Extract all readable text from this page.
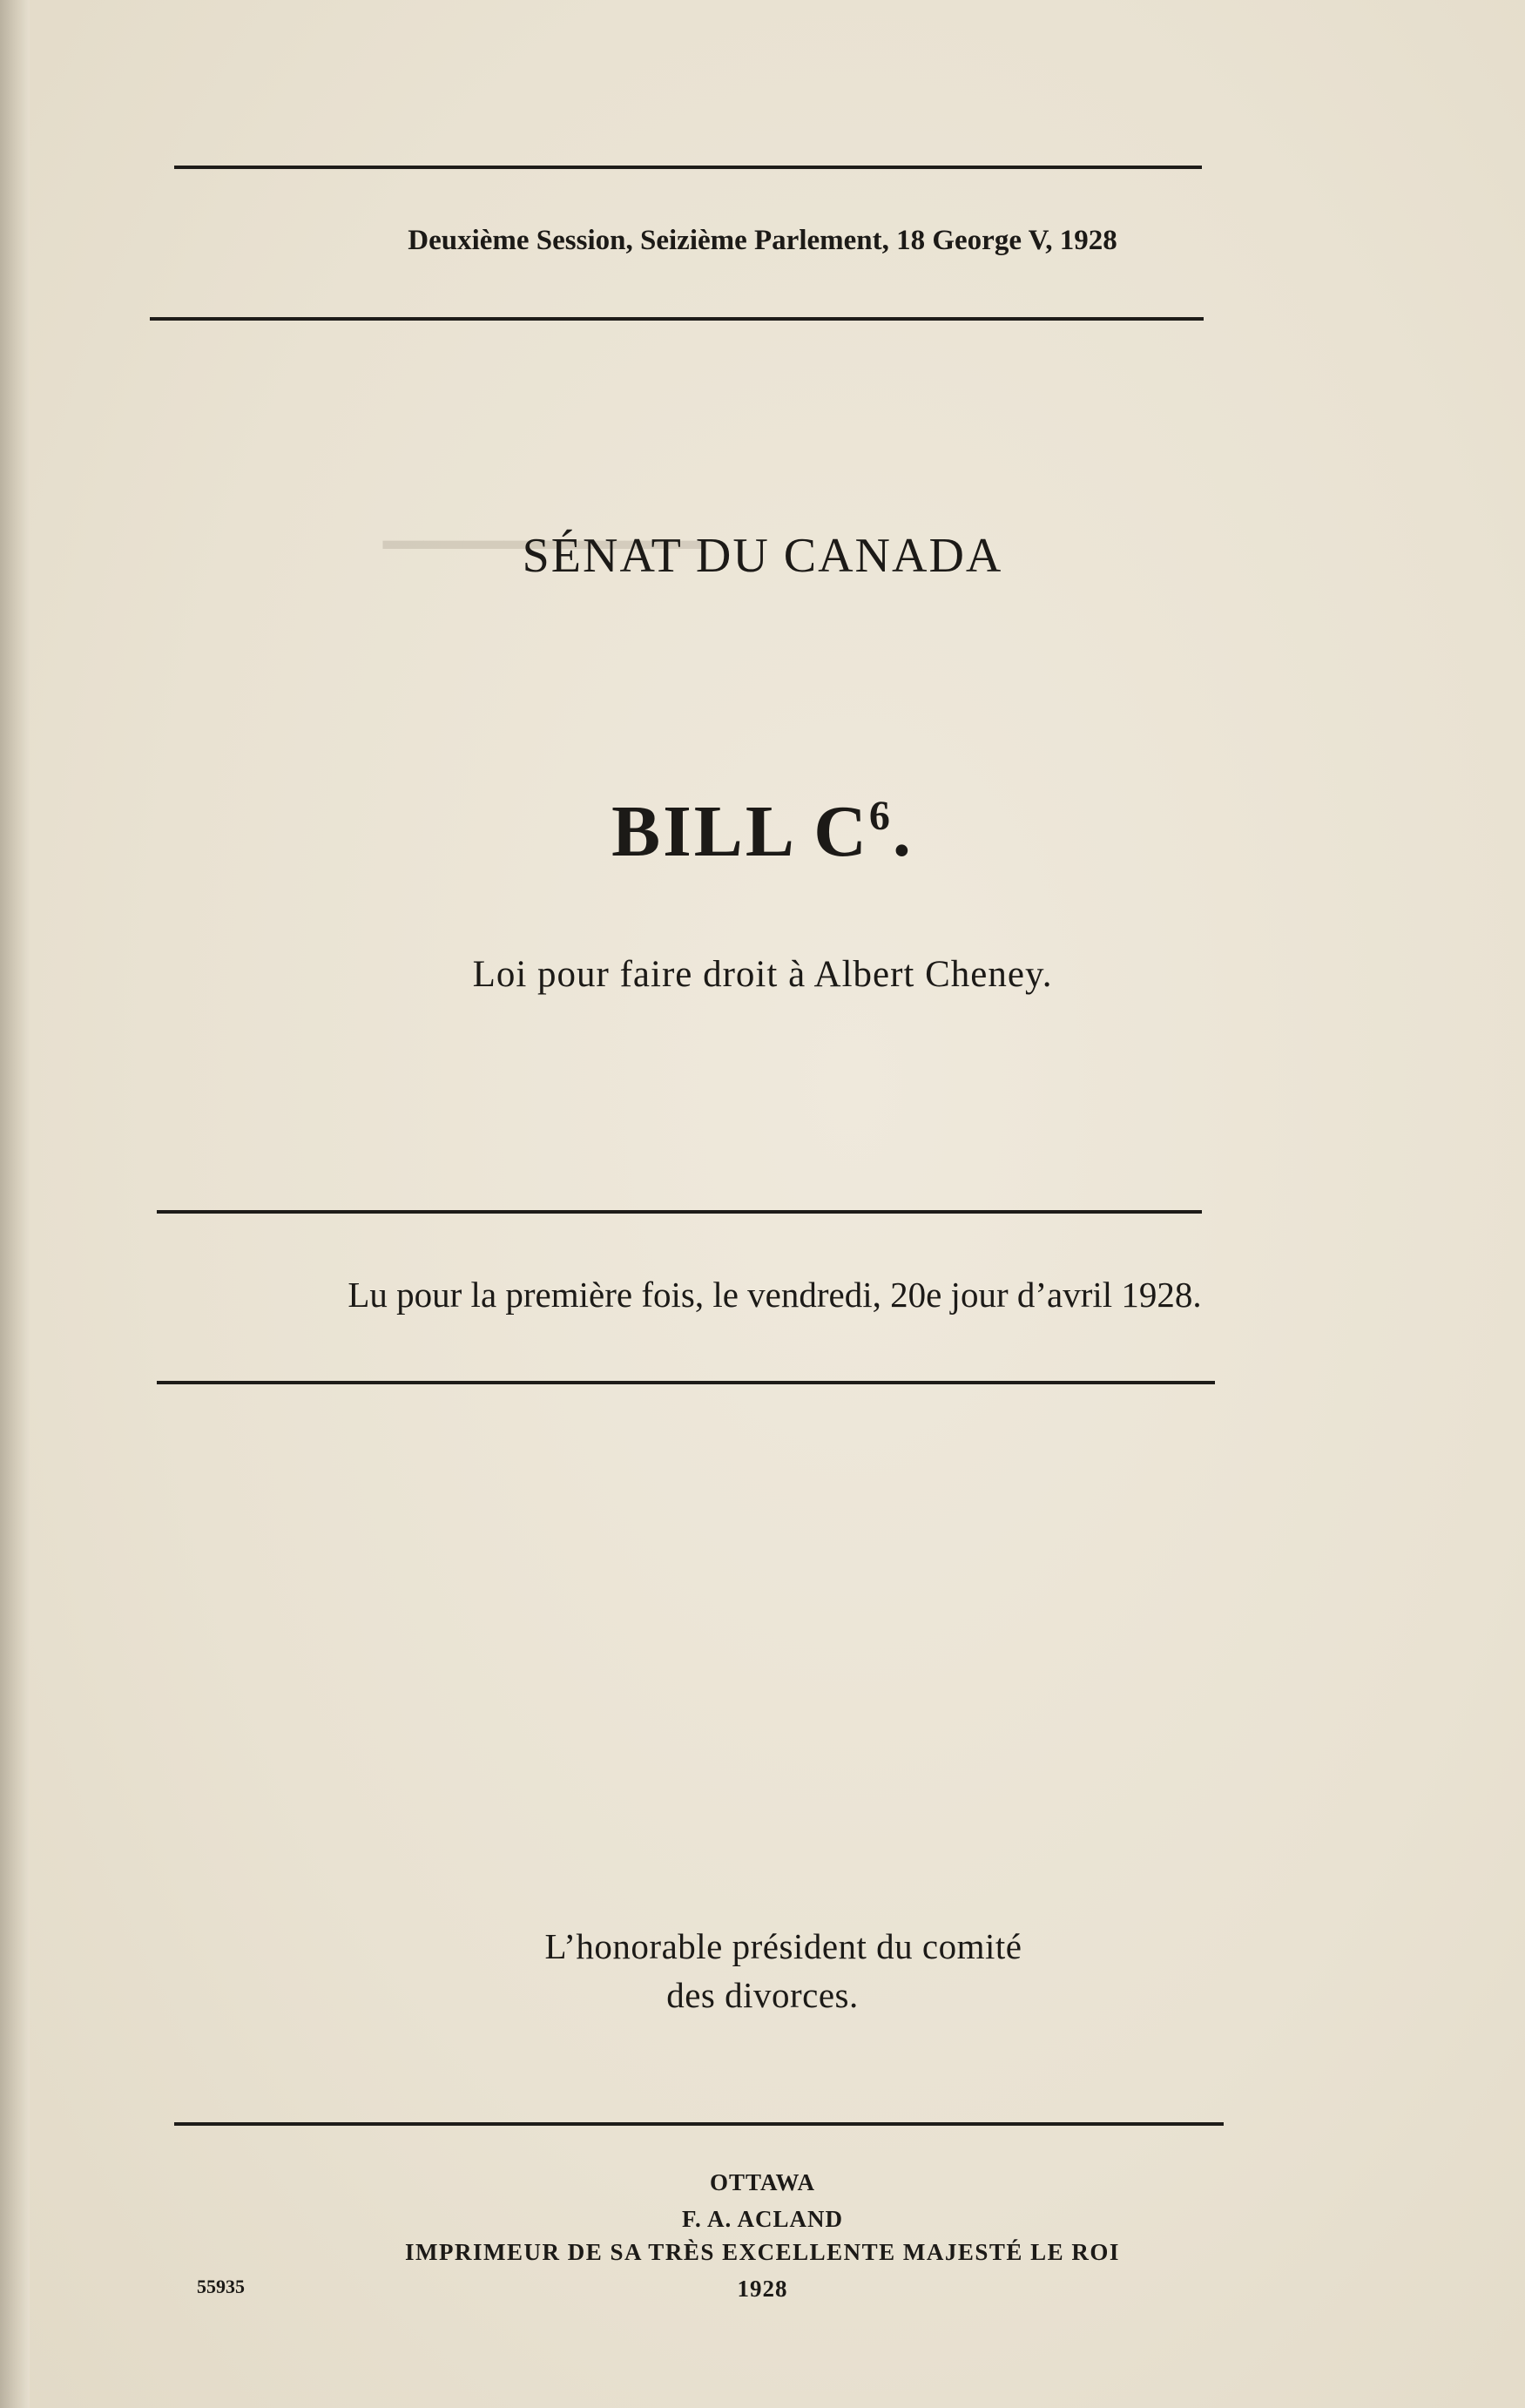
▁▁▁▁▁▁▁▁
Deuxième Session, Seizième Parlement, 18 George V, 1928
SÉNAT DU CANADA
BILL $C^6$.
Loi pour faire droit à Albert Cheney.
Lu pour la première fois, le vendredi, 20e jour d’avril 1928.
L’honorable président du comité
des divorces.
OTTAWA
F. A. ACLAND
IMPRIMEUR DE SA TRÈS EXCELLENTE MAJESTÉ LE ROI
1928
55935
